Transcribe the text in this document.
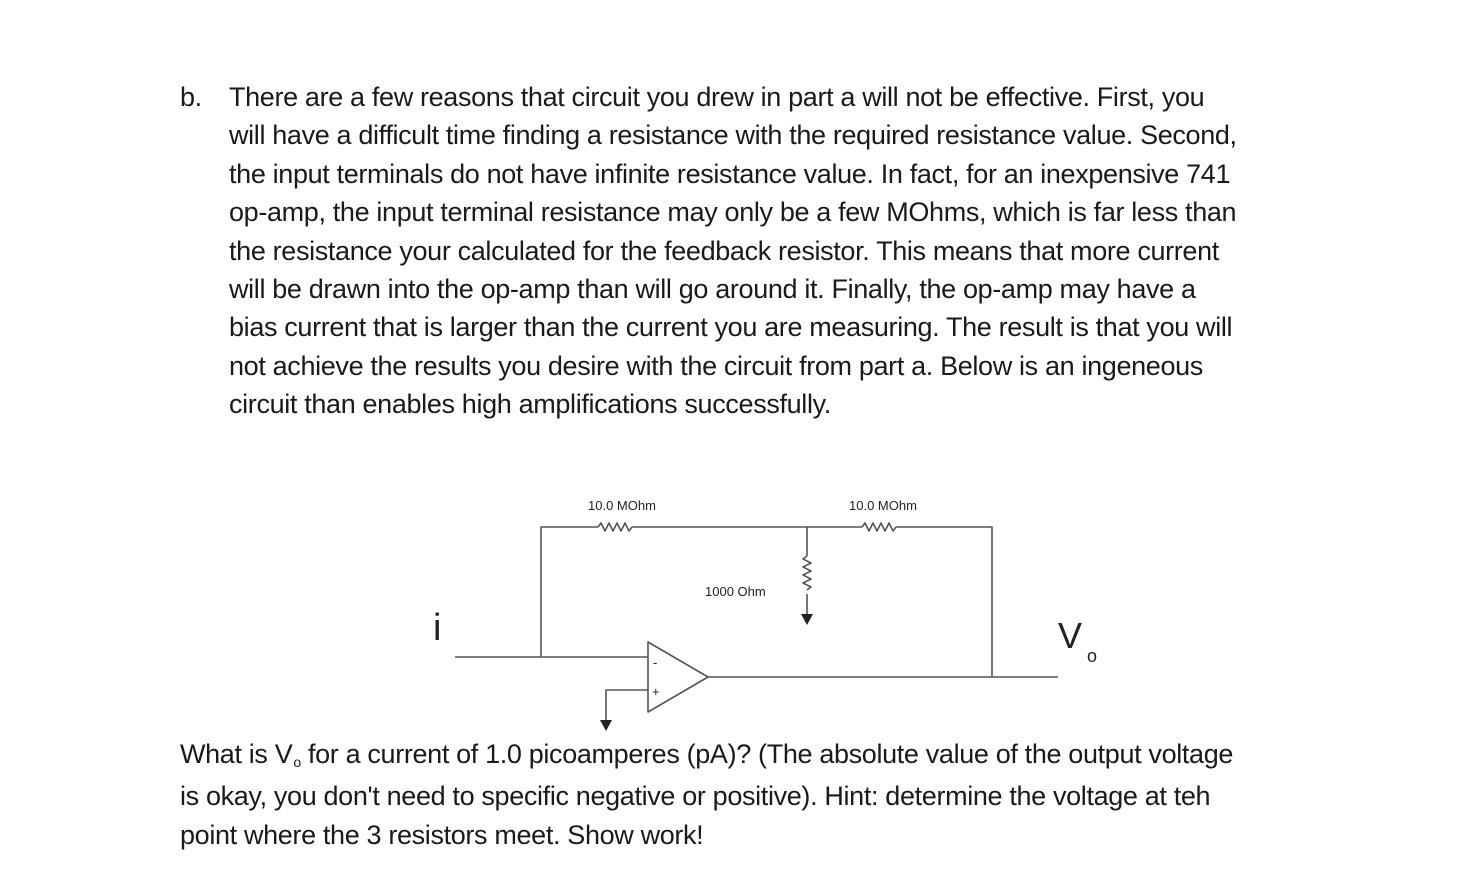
b. There are a few reasons that circuit you drew in part a will not be effective. First, you
will have a difficult time finding a resistance with the required resistance value. Second,
the input terminals do not have infinite resistance value. In fact, for an inexpensive 741
op-amp, the input terminal resistance may only be a few MOhms, which is far less than
the resistance your calculated for the feedback resistor. This means that more current
will be drawn into the op-amp than will go around it. Finally, the op-amp may have a
bias current that is larger than the current you are measuring. The result is that you will
not achieve the results you desire with the circuit from part a. Below is an ingeneous
circuit than enables high amplifications successfully.
-
+
10.0 MOhm	10.0 MOhm
1000 Ohm
i	V o
What is Vo for a current of 1.0 picoamperes (pA)? (The absolute value of the output voltage
is okay, you don't need to specific negative or positive). Hint: determine the voltage at teh
point where the 3 resistors meet. Show work!
